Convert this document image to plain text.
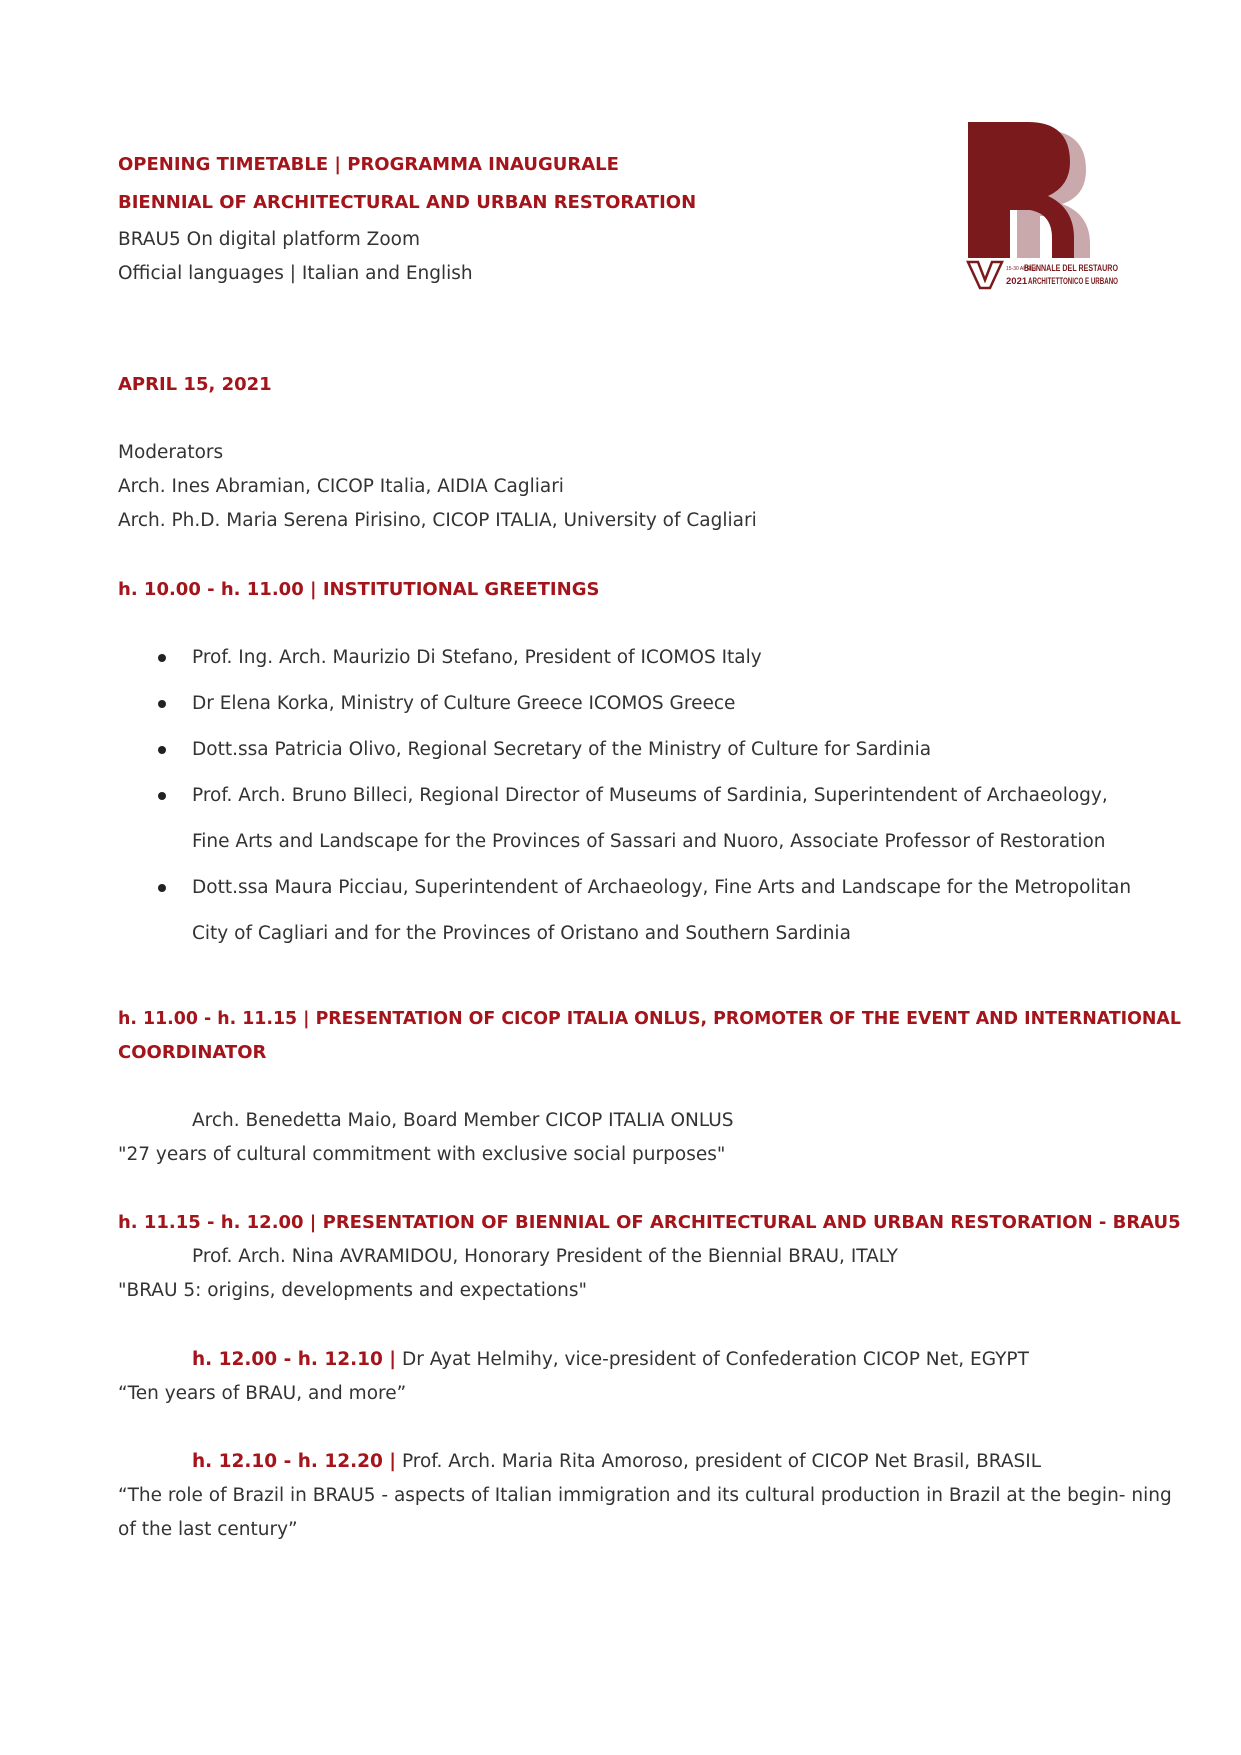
OPENING TIMETABLE | PROGRAMMA INAUGURALE
BIENNIAL OF ARCHITECTURAL AND URBAN RESTORATION
BRAU5 On digital platform Zoom
Official languages | Italian and English	15-30 APRILE
BIENNALE DEL RESTAURO
2021 ARCHITETTONICO E URBANO
APRIL 15, 2021
Moderators
Arch. Ines Abramian, CICOP Italia, AIDIA Cagliari
Arch. Ph.D. Maria Serena Pirisino, CICOP ITALIA, University of Cagliari
h. 10.00 - h. 11.00 | INSTITUTIONAL GREETINGS
Prof. Ing. Arch. Maurizio Di Stefano, President of ICOMOS Italy
Dr Elena Korka, Ministry of Culture Greece ICOMOS Greece
Dott.ssa Patricia Olivo, Regional Secretary of the Ministry of Culture for Sardinia
Prof. Arch. Bruno Billeci, Regional Director of Museums of Sardinia, Superintendent of Archaeology,
Fine Arts and Landscape for the Provinces of Sassari and Nuoro, Associate Professor of Restoration
Dott.ssa Maura Picciau, Superintendent of Archaeology, Fine Arts and Landscape for the Metropolitan
City of Cagliari and for the Provinces of Oristano and Southern Sardinia
h. 11.00 - h. 11.15 | PRESENTATION OF CICOP ITALIA ONLUS, PROMOTER OF THE EVENT AND INTERNATIONAL
COORDINATOR
Arch. Benedetta Maio, Board Member CICOP ITALIA ONLUS
"27 years of cultural commitment with exclusive social purposes"
h. 11.15 - h. 12.00 | PRESENTATION OF BIENNIAL OF ARCHITECTURAL AND URBAN RESTORATION - BRAU5
Prof. Arch. Nina AVRAMIDOU, Honorary President of the Biennial BRAU, ITALY
"BRAU 5: origins, developments and expectations"
h. 12.00 - h. 12.10 | Dr Ayat Helmihy, vice-president of Confederation CICOP Net, EGYPT
“Ten years of BRAU, and more”
h. 12.10 - h. 12.20 | Prof. Arch. Maria Rita Amoroso, president of CICOP Net Brasil, BRASIL
“The role of Brazil in BRAU5 - aspects of Italian immigration and its cultural production in Brazil at the begin- ning
of the last century”
